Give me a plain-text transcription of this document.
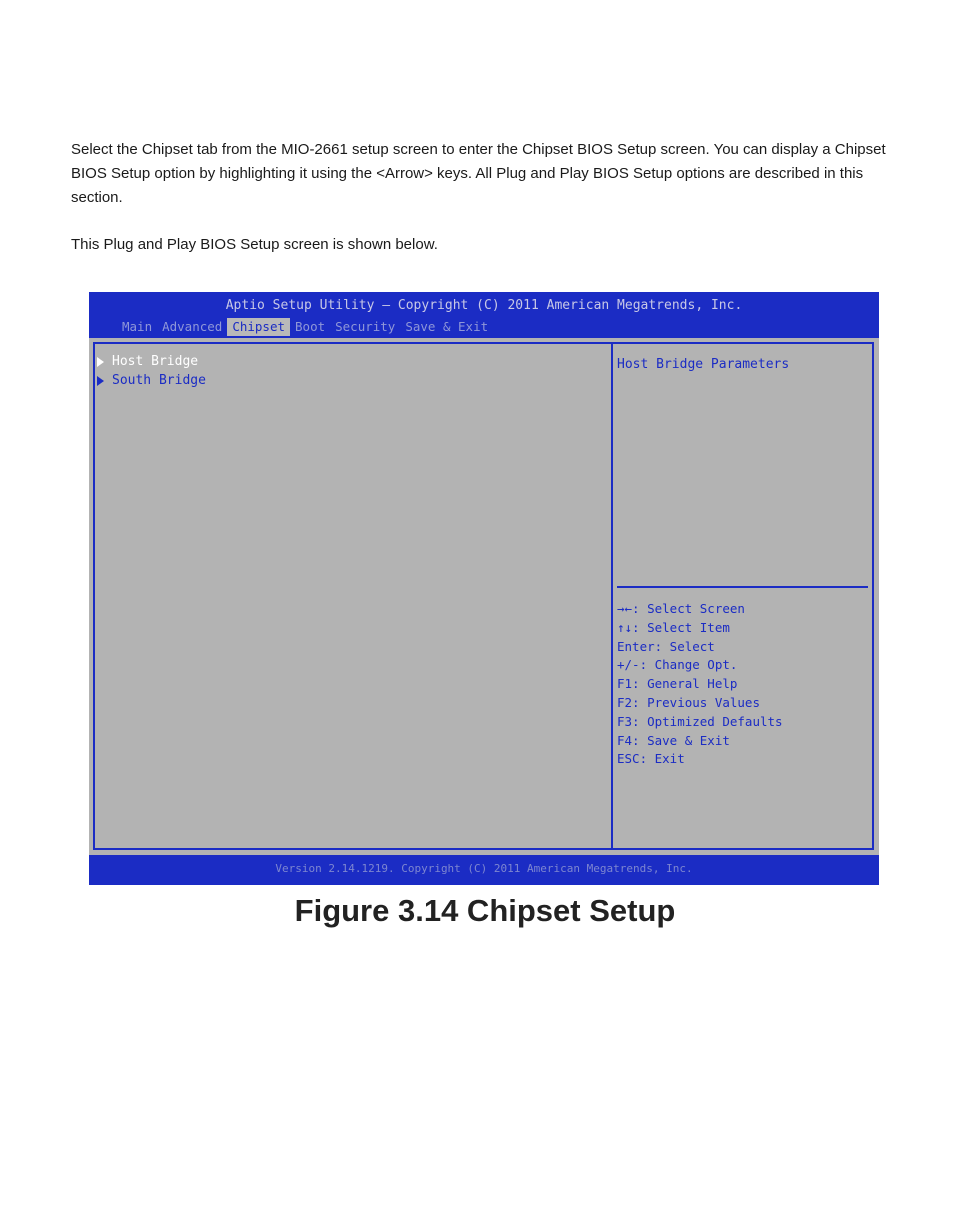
Select the Chipset tab from the MIO-2661 setup screen to enter the Chipset BIOS Setup screen. You can display a Chipset BIOS Setup option by highlighting it using the <Arrow> keys. All Plug and Play BIOS Setup options are described in this section.

This Plug and Play BIOS Setup screen is shown below.

Aptio Setup Utility – Copyright (C) 2011 American Megatrends, Inc.
Main Advanced Chipset Boot Security Save & Exit
Host Bridge
South Bridge
Host Bridge Parameters
→←: Select Screen
↑↓: Select Item
Enter: Select
+/-: Change Opt.
F1: General Help
F2: Previous Values
F3: Optimized Defaults
F4: Save & Exit
ESC: Exit
Version 2.14.1219. Copyright (C) 2011 American Megatrends, Inc.
Figure 3.14 Chipset Setup
